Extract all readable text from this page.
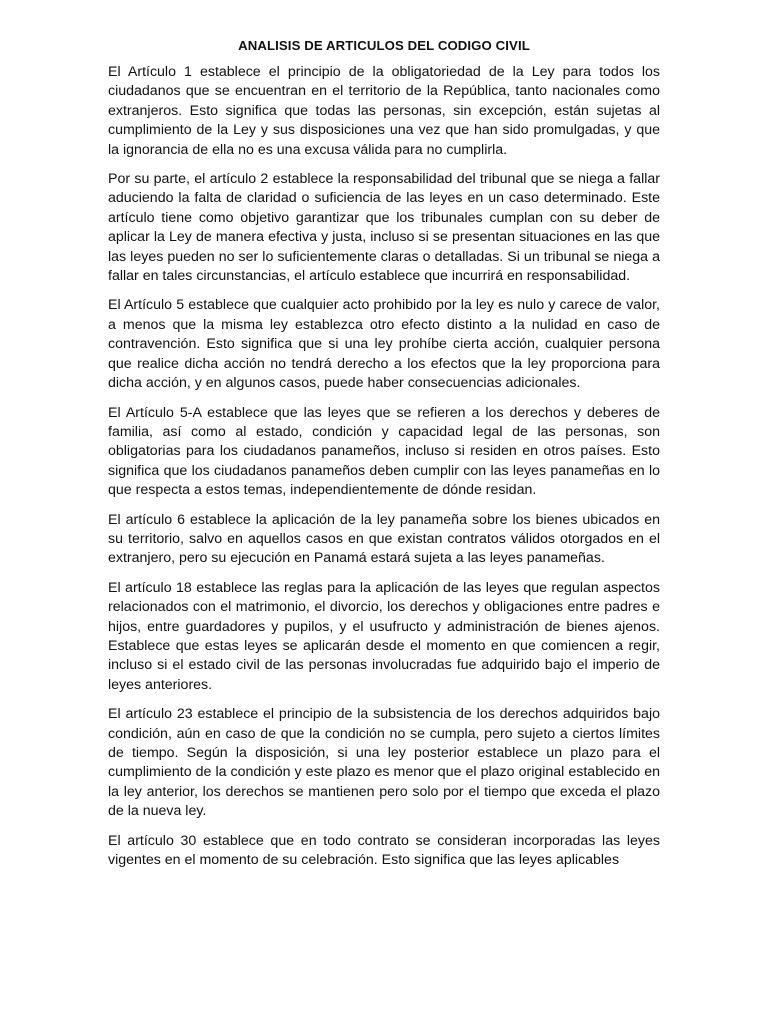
ANALISIS DE ARTICULOS DEL CODIGO CIVIL

El Artículo 1 establece el principio de la obligatoriedad de la Ley para todos los ciudadanos que se encuentran en el territorio de la República, tanto nacionales como extranjeros. Esto significa que todas las personas, sin excepción, están sujetas al cumplimiento de la Ley y sus disposiciones una vez que han sido promulgadas, y que la ignorancia de ella no es una excusa válida para no cumplirla.

Por su parte, el artículo 2 establece la responsabilidad del tribunal que se niega a fallar aduciendo la falta de claridad o suficiencia de las leyes en un caso determinado. Este artículo tiene como objetivo garantizar que los tribunales cumplan con su deber de aplicar la Ley de manera efectiva y justa, incluso si se presentan situaciones en las que las leyes pueden no ser lo suficientemente claras o detalladas. Si un tribunal se niega a fallar en tales circunstancias, el artículo establece que incurrirá en responsabilidad.

El Artículo 5 establece que cualquier acto prohibido por la ley es nulo y carece de valor, a menos que la misma ley establezca otro efecto distinto a la nulidad en caso de contravención. Esto significa que si una ley prohíbe cierta acción, cualquier persona que realice dicha acción no tendrá derecho a los efectos que la ley proporciona para dicha acción, y en algunos casos, puede haber consecuencias adicionales.

El Artículo 5-A establece que las leyes que se refieren a los derechos y deberes de familia, así como al estado, condición y capacidad legal de las personas, son obligatorias para los ciudadanos panameños, incluso si residen en otros países. Esto significa que los ciudadanos panameños deben cumplir con las leyes panameñas en lo que respecta a estos temas, independientemente de dónde residan.

El artículo 6 establece la aplicación de la ley panameña sobre los bienes ubicados en su territorio, salvo en aquellos casos en que existan contratos válidos otorgados en el extranjero, pero su ejecución en Panamá estará sujeta a las leyes panameñas.

El artículo 18 establece las reglas para la aplicación de las leyes que regulan aspectos relacionados con el matrimonio, el divorcio, los derechos y obligaciones entre padres e hijos, entre guardadores y pupilos, y el usufructo y administración de bienes ajenos. Establece que estas leyes se aplicarán desde el momento en que comiencen a regir, incluso si el estado civil de las personas involucradas fue adquirido bajo el imperio de leyes anteriores.

El artículo 23 establece el principio de la subsistencia de los derechos adquiridos bajo condición, aún en caso de que la condición no se cumpla, pero sujeto a ciertos límites de tiempo. Según la disposición, si una ley posterior establece un plazo para el cumplimiento de la condición y este plazo es menor que el plazo original establecido en la ley anterior, los derechos se mantienen pero solo por el tiempo que exceda el plazo de la nueva ley.

El artículo 30 establece que en todo contrato se consideran incorporadas las leyes vigentes en el momento de su celebración. Esto significa que las leyes aplicables
